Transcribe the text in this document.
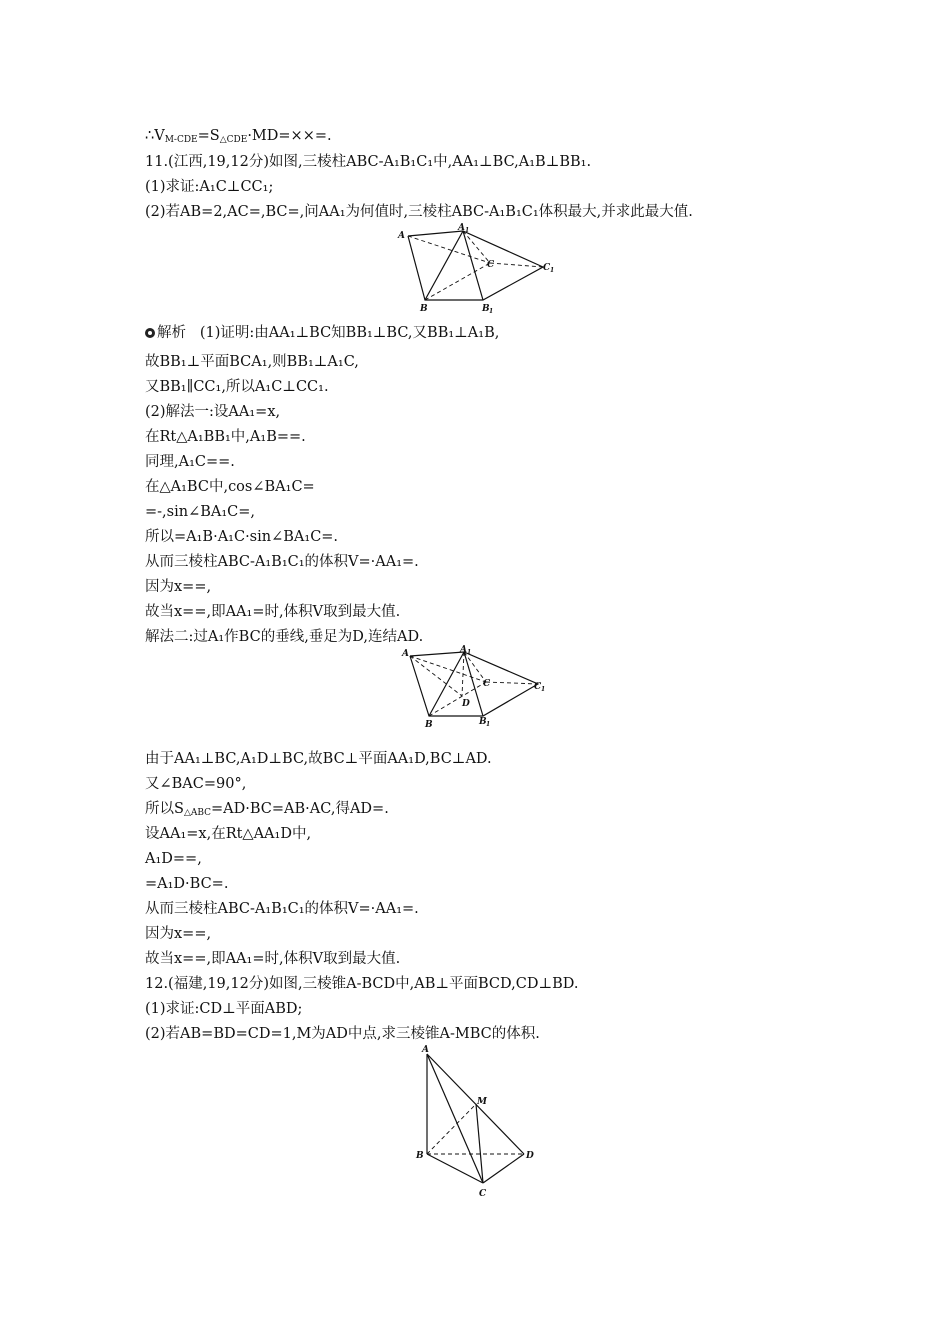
$\therefore V_{M-CDE}=S_{\triangle CDE}\cdot MD=\times\times=$.
11.(江西,19,12分)如图,三棱柱ABC-A₁B₁C₁中,AA₁⊥BC,A₁B⊥BB₁.
(1)求证:A₁C⊥CC₁;
(2)若AB=2,AC=,BC=,问AA₁为何值时,三棱柱ABC-A₁B₁C₁体积最大,并求此最大值.
A
A 1
C	C 1
B	B 1
解析 (1)证明:由AA₁⊥BC知BB₁⊥BC,又BB₁⊥A₁B,
故BB₁⊥平面BCA₁,则BB₁⊥A₁C,
又BB₁∥CC₁,所以A₁C⊥CC₁.
(2)解法一:设AA₁=x,
在Rt△A₁BB₁中,A₁B==.
同理,A₁C==.
在△A₁BC中,cos∠BA₁C=
=-,sin∠BA₁C=,
所以=A₁B·A₁C·sin∠BA₁C=.
从而三棱柱ABC-A₁B₁C₁的体积V=·AA₁=.
因为x==,
故当x==,即AA₁=时,体积V取到最大值.
解法二:过A₁作BC的垂线,垂足为D,连结AD.
A	A 1
C	C 1
D
B	B 1
由于AA₁⊥BC,A₁D⊥BC,故BC⊥平面AA₁D,BC⊥AD.
又∠BAC=90°,
所以$S_{\triangle ABC}=AD\cdot BC=AB\cdot AC$,得AD=.
设AA₁=x,在Rt△AA₁D中,
A₁D==,
=A₁D·BC=.
从而三棱柱ABC-A₁B₁C₁的体积V=·AA₁=.
因为x==,
故当x==,即AA₁=时,体积V取到最大值.
12.(福建,19,12分)如图,三棱锥A-BCD中,AB⊥平面BCD,CD⊥BD.
(1)求证:CD⊥平面ABD;
(2)若AB=BD=CD=1,M为AD中点,求三棱锥A-MBC的体积.
A
M
B	D
C
